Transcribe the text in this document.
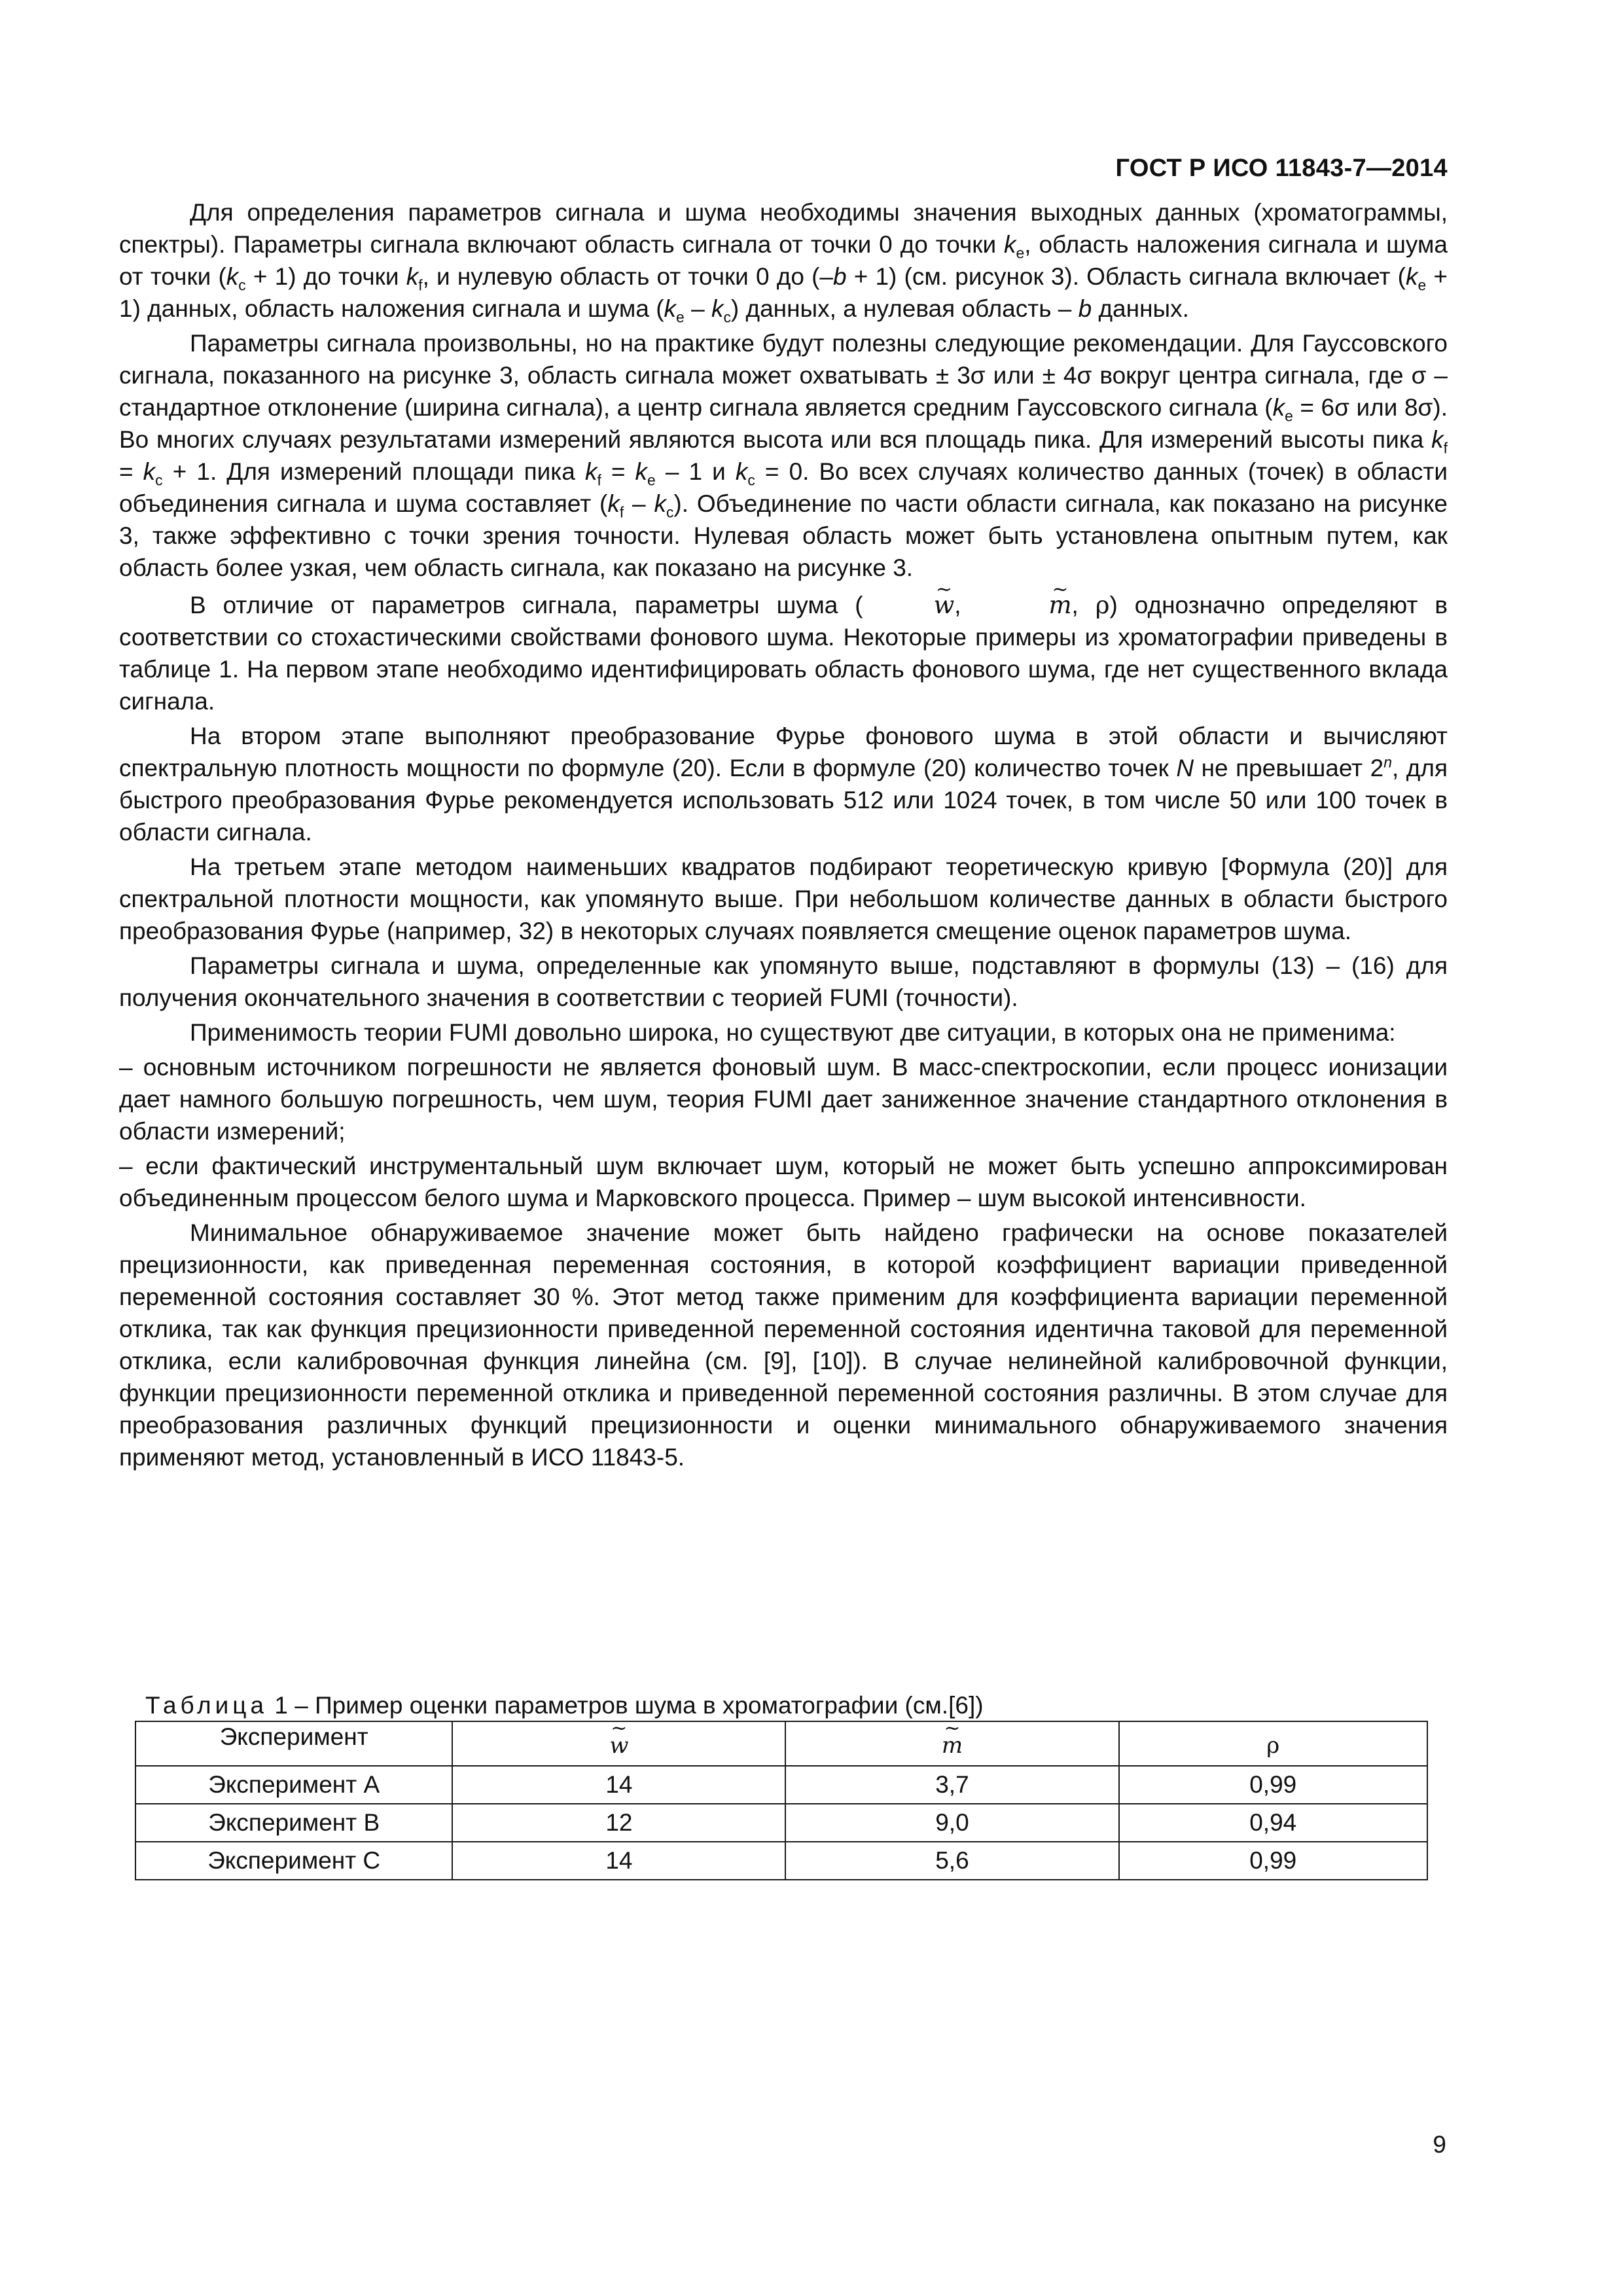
ГОСТ Р ИСО 11843-7—2014

Для определения параметров сигнала и шума необходимы значения выходных данных (хроматограммы, спектры). Параметры сигнала включают область сигнала от точки 0 до точки $k_e$, область наложения сигнала и шума от точки $(k_c + 1)$ до точки $k_f$, и нулевую область от точки 0 до (–b + 1) (см. рисунок 3). Область сигнала включает $(k_e + 1)$ данных, область наложения сигнала и шума $(k_e - k_c)$ данных, а нулевая область – b данных.

Параметры сигнала произвольны, но на практике будут полезны следующие рекомендации. Для Гауссовского сигнала, показанного на рисунке 3, область сигнала может охватывать ± 3σ или ± 4σ вокруг центра сигнала, где σ – стандартное отклонение (ширина сигнала), а центр сигнала является средним Гауссовского сигнала ($k_e = 6\sigma$ или 8σ). Во многих случаях результатами измерений являются высота или вся площадь пика. Для измерений высоты пика $k_f = k_c + 1$. Для измерений площади пика $k_f = k_e - 1$ и $k_c = 0$. Во всех случаях количество данных (точек) в области объединения сигнала и шума составляет $(k_f - k_c)$. Объединение по части области сигнала, как показано на рисунке 3, также эффективно с точки зрения точности. Нулевая область может быть установлена опытным путем, как область более узкая, чем область сигнала, как показано на рисунке 3.

В отличие от параметров сигнала, параметры шума (	~ w,	~ m, ρ) однозначно определяют в соответствии со стохастическими свойствами фонового шума. Некоторые примеры из хроматографии приведены в таблице 1. На первом этапе необходимо идентифицировать область фонового шума, где нет существенного вклада сигнала.

На втором этапе выполняют преобразование Фурье фонового шума в этой области и вычисляют спектральную плотность мощности по формуле (20). Если в формуле (20) количество точек N не превышает 2$^n$, для быстрого преобразования Фурье рекомендуется использовать 512 или 1024 точек, в том числе 50 или 100 точек в области сигнала.

На третьем этапе методом наименьших квадратов подбирают теоретическую кривую [Формула (20)] для спектральной плотности мощности, как упомянуто выше. При небольшом количестве данных в области быстрого преобразования Фурье (например, 32) в некоторых случаях появляется смещение оценок параметров шума.

Параметры сигнала и шума, определенные как упомянуто выше, подставляют в формулы (13) – (16) для получения окончательного значения в соответствии с теорией FUMI (точности).

Применимость теории FUMI довольно широка, но существуют две ситуации, в которых она не применима:

– основным источником погрешности не является фоновый шум. В масс-спектроскопии, если процесс ионизации дает намного большую погрешность, чем шум, теория FUMI дает заниженное значение стандартного отклонения в области измерений;

– если фактический инструментальный шум включает шум, который не может быть успешно аппроксимирован объединенным процессом белого шума и Марковского процесса. Пример – шум высокой интенсивности.

Минимальное обнаруживаемое значение может быть найдено графически на основе показателей прецизионности, как приведенная переменная состояния, в которой коэффициент вариации приведенной переменной состояния составляет 30 %. Этот метод также применим для коэффициента вариации переменной отклика, так как функция прецизионности приведенной переменной состояния идентична таковой для переменной отклика, если калибровочная функция линейна (см. [9], [10]). В случае нелинейной калибровочной функции, функции прецизионности переменной отклика и приведенной переменной состояния различны. В этом случае для преобразования различных функций прецизионности и оценки минимального обнаруживаемого значения применяют метод, установленный в ИСО 11843-5.

Таблица 1 – Пример оценки параметров шума в хроматографии (см.[6])
Эксперимент	~ w	~ m	ρ
Эксперимент A	14	3,7	0,99
Эксперимент B	12	9,0	0,94
Эксперимент C	14	5,6	0,99
9
